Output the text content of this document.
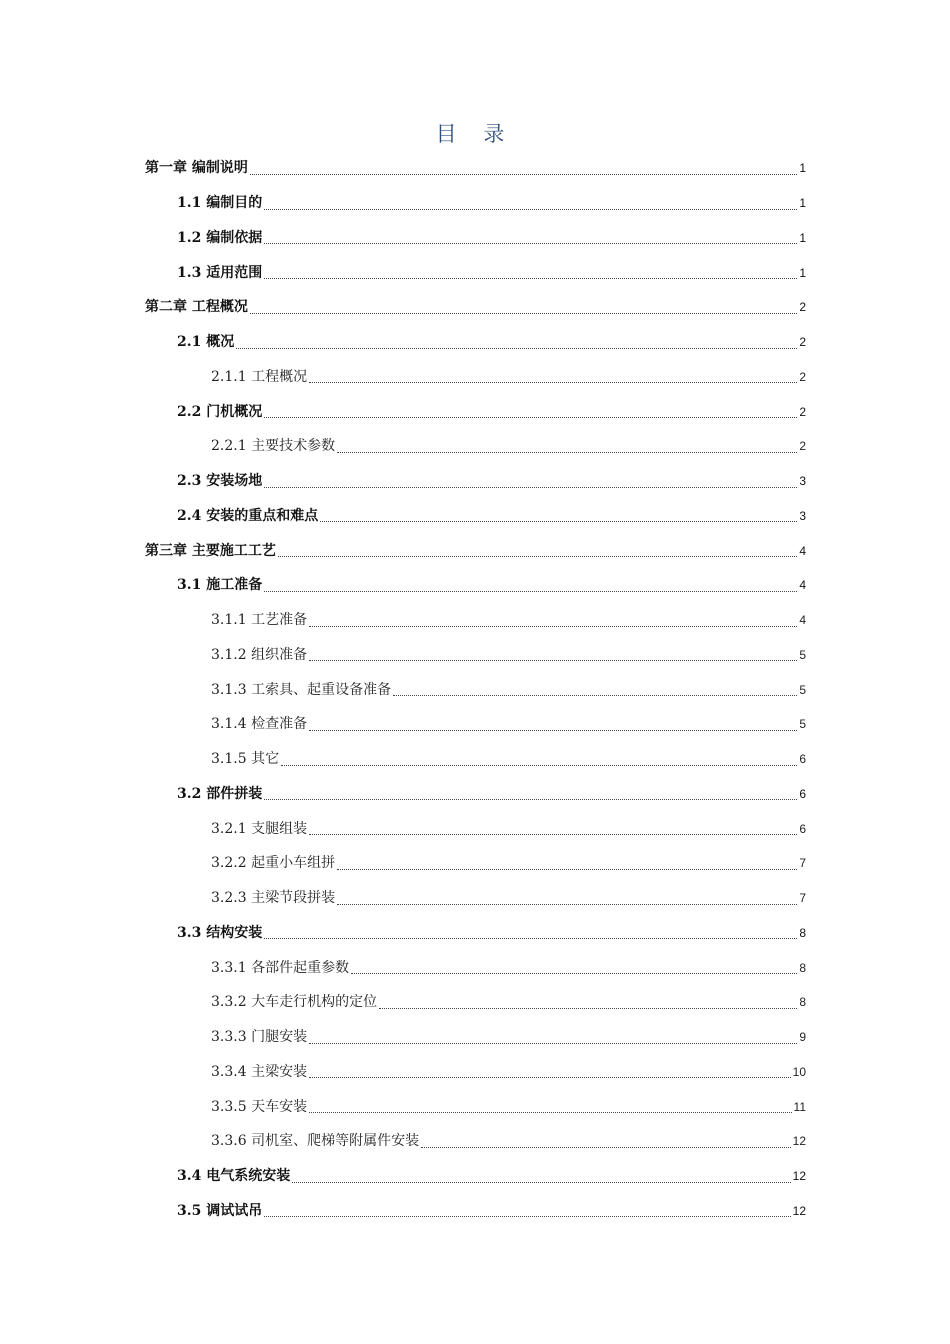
目 录
第一章 编制说明	1
1.1 编制目的	1
1.2 编制依据	1
1.3 适用范围	1
第二章 工程概况	2
2.1 概况	2
2.1.1 工程概况	2
2.2 门机概况	2
2.2.1 主要技术参数	2
2.3 安装场地	3
2.4 安装的重点和难点	3
第三章 主要施工工艺	4
3.1 施工准备	4
3.1.1 工艺准备	4
3.1.2 组织准备	5
3.1.3 工索具、起重设备准备	5
3.1.4 检查准备	5
3.1.5 其它	6
3.2 部件拼装	6
3.2.1 支腿组装	6
3.2.2 起重小车组拼	7
3.2.3 主梁节段拼装	7
3.3 结构安装	8
3.3.1 各部件起重参数	8
3.3.2 大车走行机构的定位	8
3.3.3 门腿安装	9
3.3.4 主梁安装	10
3.3.5 天车安装	11
3.3.6 司机室、爬梯等附属件安装	12
3.4 电气系统安装	12
3.5 调试试吊	12
